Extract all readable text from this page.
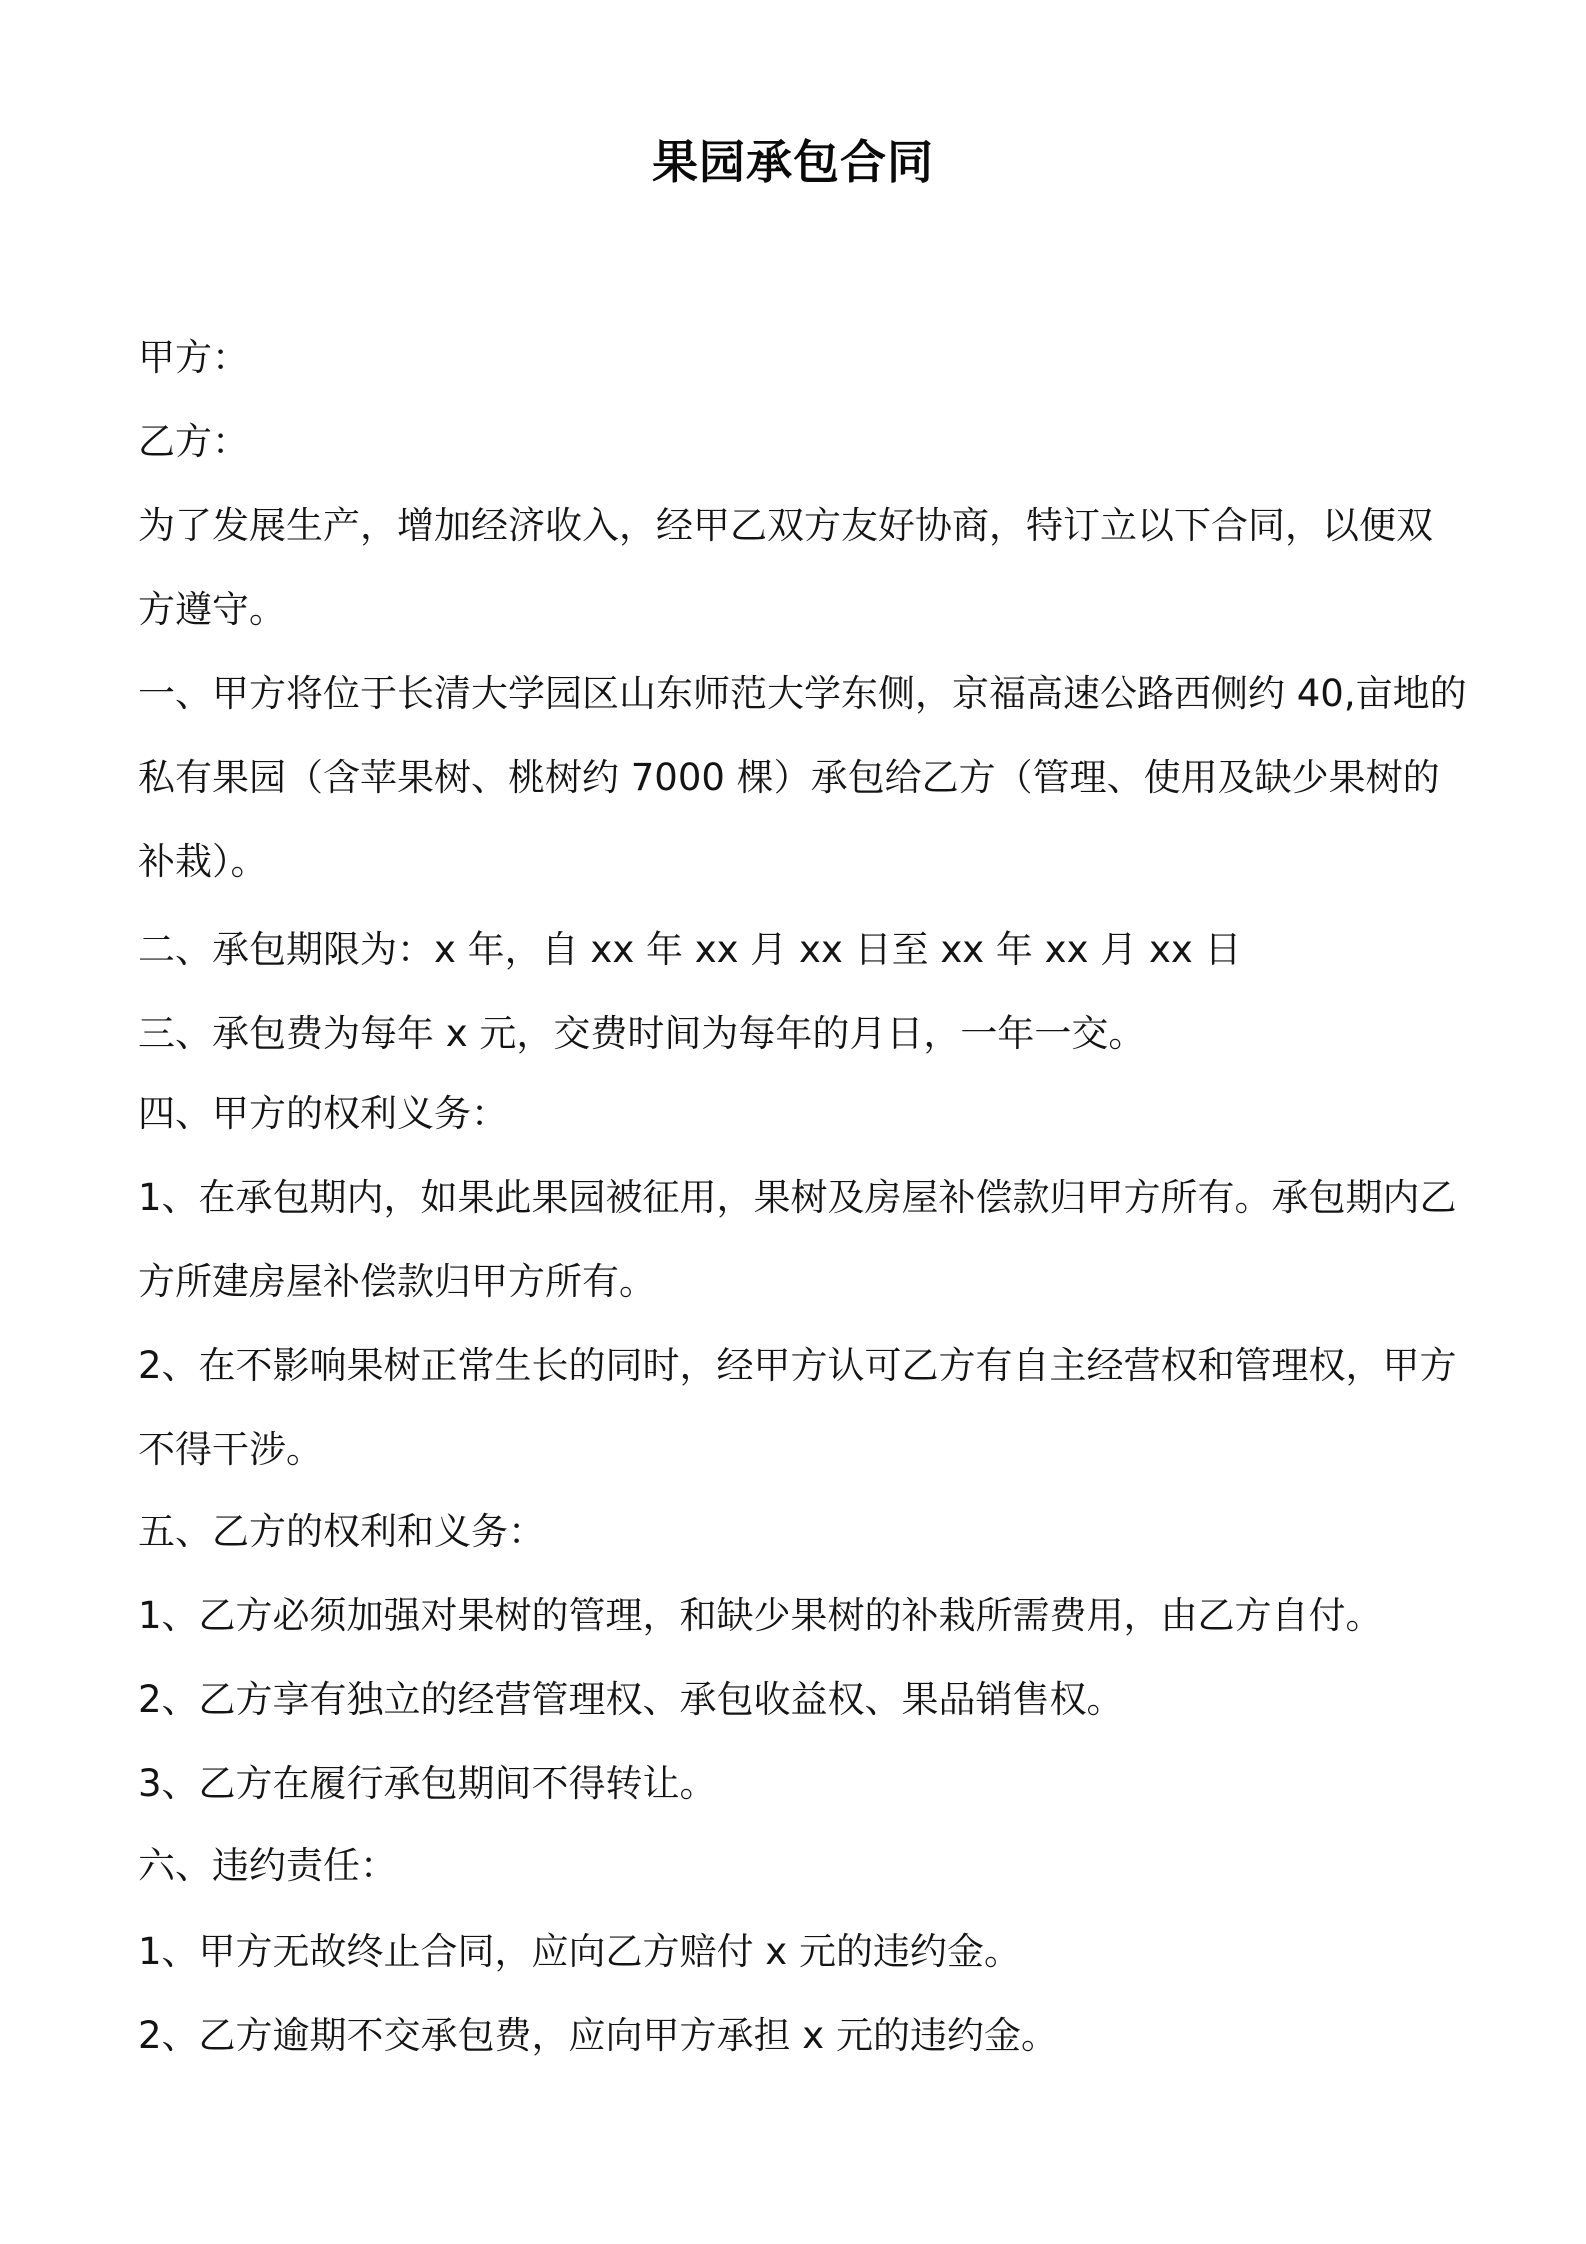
果园承包合同
甲方：
乙方：
为了发展生产，增加经济收入，经甲乙双方友好协商，特订立以下合同，以便双
方遵守。
一、甲方将位于长清大学园区山东师范大学东侧，京福高速公路西侧约 40,亩地的
私有果园（含苹果树、桃树约 7000 棵）承包给乙方（管理、使用及缺少果树的
补栽）。
二、承包期限为：x 年，自 xx 年 xx 月 xx 日至 xx 年 xx 月 xx 日
三、承包费为每年 x 元，交费时间为每年的月日，一年一交。
四、甲方的权利义务：
1、在承包期内，如果此果园被征用，果树及房屋补偿款归甲方所有。承包期内乙
方所建房屋补偿款归甲方所有。
2、在不影响果树正常生长的同时，经甲方认可乙方有自主经营权和管理权，甲方
不得干涉。
五、乙方的权利和义务：
1、乙方必须加强对果树的管理，和缺少果树的补栽所需费用，由乙方自付。
2、乙方享有独立的经营管理权、承包收益权、果品销售权。
3、乙方在履行承包期间不得转让。
六、违约责任：
1、甲方无故终止合同，应向乙方赔付 x 元的违约金。
2、乙方逾期不交承包费，应向甲方承担 x 元的违约金。
